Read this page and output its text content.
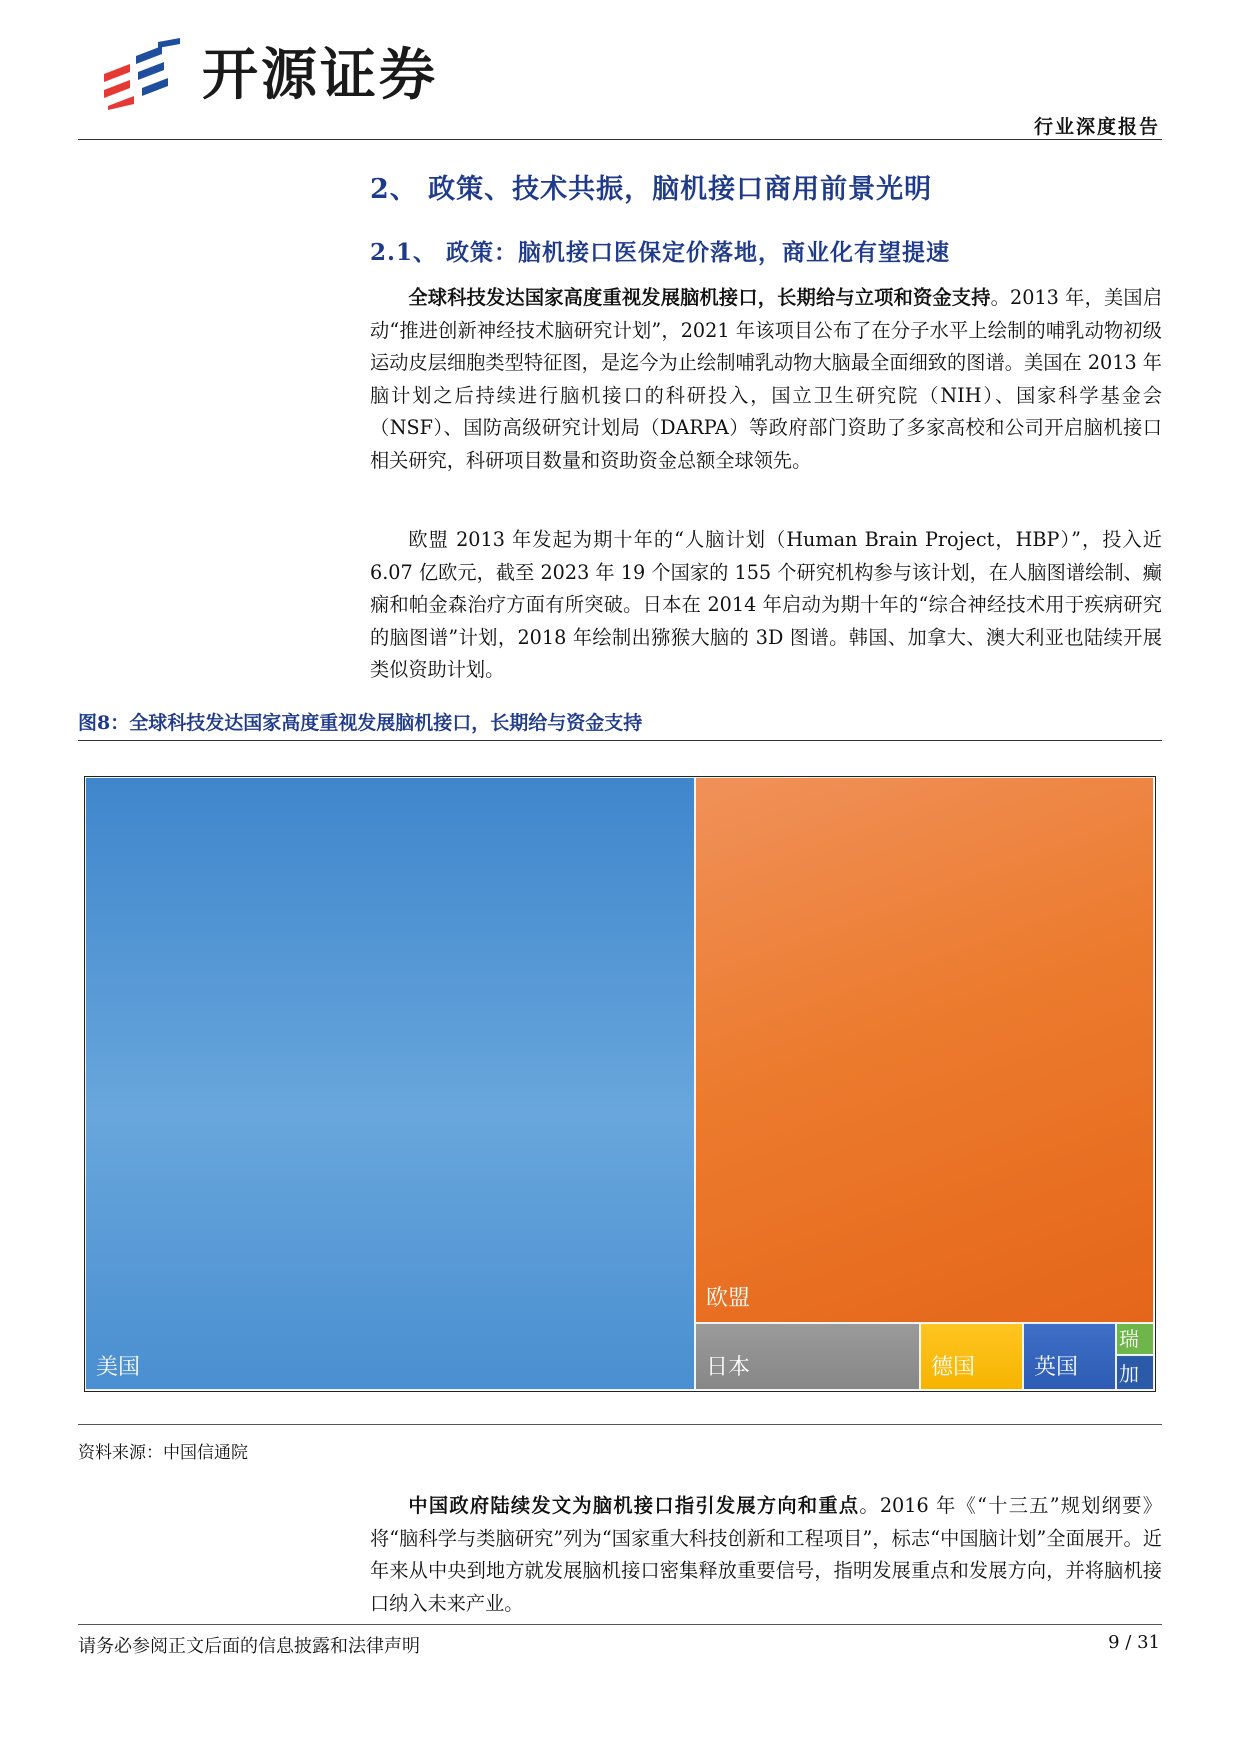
开源证券
行业深度报告
2、 政策、技术共振，脑机接口商用前景光明
2.1、 政策：脑机接口医保定价落地，商业化有望提速

全球科技发达国家高度重视发展脑机接口，长期给与立项和资金支持。2013 年，美国启动“推进创新神经技术脑研究计划”，2021 年该项目公布了在分子水平上绘制的哺乳动物初级运动皮层细胞类型特征图，是迄今为止绘制哺乳动物大脑最全面细致的图谱。美国在 2013 年脑计划之后持续进行脑机接口的科研投入，国立卫生研究院（NIH）、国家科学基金会（NSF）、国防高级研究计划局（DARPA）等政府部门资助了多家高校和公司开启脑机接口相关研究，科研项目数量和资助资金总额全球领先。

欧盟 2013 年发起为期十年的“人脑计划（Human Brain Project，HBP）”，投入近 6.07 亿欧元，截至 2023 年 19 个国家的 155 个研究机构参与该计划，在人脑图谱绘制、癫痫和帕金森治疗方面有所突破。日本在 2014 年启动为期十年的“综合神经技术用于疾病研究的脑图谱”计划，2018 年绘制出猕猴大脑的 3D 图谱。韩国、加拿大、澳大利亚也陆续开展类似资助计划。

图8：全球科技发达国家高度重视发展脑机接口，长期给与资金支持
美国
欧盟
日本	德国	英国
瑞
加
资料来源：中国信通院

中国政府陆续发文为脑机接口指引发展方向和重点。2016 年《“十三五”规划纲要》将“脑科学与类脑研究”列为“国家重大科技创新和工程项目”，标志“中国脑计划”全面展开。近年来从中央到地方就发展脑机接口密集释放重要信号，指明发展重点和发展方向，并将脑机接口纳入未来产业。

请务必参阅正文后面的信息披露和法律声明	9 / 31
